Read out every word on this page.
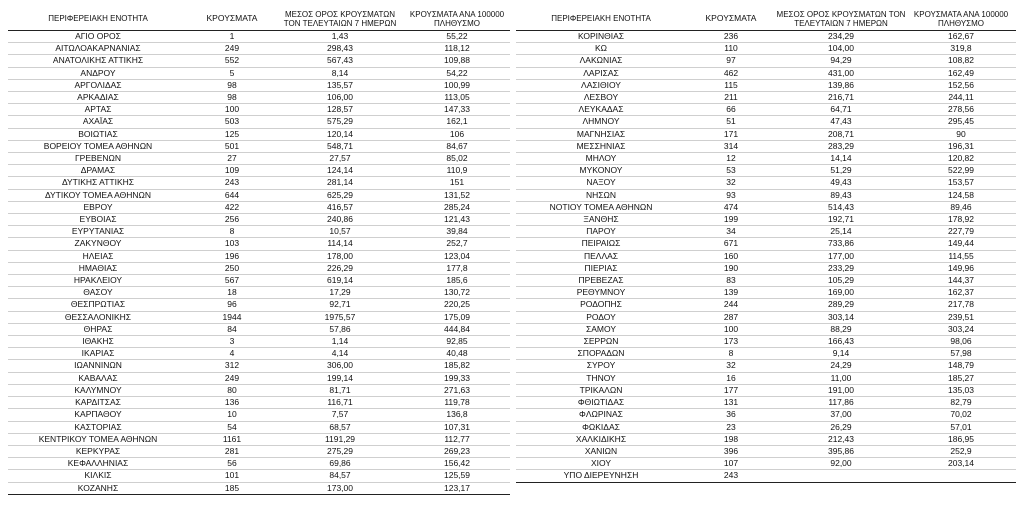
ΠΕΡΙΦΕΡΕΙΑΚΗ ΕΝΟΤΗΤΑ	ΚΡΟΥΣΜΑΤΑ	ΜΕΣΟΣ ΟΡΟΣ ΚΡΟΥΣΜΑΤΩΝ ΤΟΝ ΤΕΛΕΥΤΑΙΩΝ 7 ΗΜΕΡΩΝ	ΚΡΟΥΣΜΑΤΑ ΑΝΑ 100000 ΠΛΗΘΥΣΜΟ
ΑΓΙΟ ΟΡΟΣ	1	1,43	55,22
ΑΙΤΩΛΟΑΚΑΡΝΑΝΙΑΣ	249	298,43	118,12
ΑΝΑΤΟΛΙΚΗΣ ΑΤΤΙΚΗΣ	552	567,43	109,88
ΑΝΔΡΟΥ	5	8,14	54,22
ΑΡΓΟΛΙΔΑΣ	98	135,57	100,99
ΑΡΚΑΔΙΑΣ	98	106,00	113,05
ΑΡΤΑΣ	100	128,57	147,33
ΑΧΑΪΑΣ	503	575,29	162,1
ΒΟΙΩΤΙΑΣ	125	120,14	106
ΒΟΡΕΙΟΥ ΤΟΜΕΑ ΑΘΗΝΩΝ	501	548,71	84,67
ΓΡΕΒΕΝΩΝ	27	27,57	85,02
ΔΡΑΜΑΣ	109	124,14	110,9
ΔΥΤΙΚΗΣ ΑΤΤΙΚΗΣ	243	281,14	151
ΔΥΤΙΚΟΥ ΤΟΜΕΑ ΑΘΗΝΩΝ	644	625,29	131,52
ΕΒΡΟΥ	422	416,57	285,24
ΕΥΒΟΙΑΣ	256	240,86	121,43
ΕΥΡΥΤΑΝΙΑΣ	8	10,57	39,84
ΖΑΚΥΝΘΟΥ	103	114,14	252,7
ΗΛΕΙΑΣ	196	178,00	123,04
ΗΜΑΘΙΑΣ	250	226,29	177,8
ΗΡΑΚΛΕΙΟΥ	567	619,14	185,6
ΘΑΣΟΥ	18	17,29	130,72
ΘΕΣΠΡΩΤΙΑΣ	96	92,71	220,25
ΘΕΣΣΑΛΟΝΙΚΗΣ	1944	1975,57	175,09
ΘΗΡΑΣ	84	57,86	444,84
ΙΘΑΚΗΣ	3	1,14	92,85
ΙΚΑΡΙΑΣ	4	4,14	40,48
ΙΩΑΝΝΙΝΩΝ	312	306,00	185,82
ΚΑΒΑΛΑΣ	249	199,14	199,33
ΚΑΛΥΜΝΟΥ	80	81,71	271,63
ΚΑΡΔΙΤΣΑΣ	136	116,71	119,78
ΚΑΡΠΑΘΟΥ	10	7,57	136,8
ΚΑΣΤΟΡΙΑΣ	54	68,57	107,31
ΚΕΝΤΡΙΚΟΥ ΤΟΜΕΑ ΑΘΗΝΩΝ	1161	1191,29	112,77
ΚΕΡΚΥΡΑΣ	281	275,29	269,23
ΚΕΦΑΛΛΗΝΙΑΣ	56	69,86	156,42
ΚΙΛΚΙΣ	101	84,57	125,59
ΚΟΖΑΝΗΣ	185	173,00	123,17
ΠΕΡΙΦΕΡΕΙΑΚΗ ΕΝΟΤΗΤΑ	ΚΡΟΥΣΜΑΤΑ	ΜΕΣΟΣ ΟΡΟΣ ΚΡΟΥΣΜΑΤΩΝ ΤΟΝ ΤΕΛΕΥΤΑΙΩΝ 7 ΗΜΕΡΩΝ	ΚΡΟΥΣΜΑΤΑ ΑΝΑ 100000 ΠΛΗΘΥΣΜΟ
ΚΟΡΙΝΘΙΑΣ	236	234,29	162,67
ΚΩ	110	104,00	319,8
ΛΑΚΩΝΙΑΣ	97	94,29	108,82
ΛΑΡΙΣΑΣ	462	431,00	162,49
ΛΑΣΙΘΙΟΥ	115	139,86	152,56
ΛΕΣΒΟΥ	211	216,71	244,11
ΛΕΥΚΑΔΑΣ	66	64,71	278,56
ΛΗΜΝΟΥ	51	47,43	295,45
ΜΑΓΝΗΣΙΑΣ	171	208,71	90
ΜΕΣΣΗΝΙΑΣ	314	283,29	196,31
ΜΗΛΟΥ	12	14,14	120,82
ΜΥΚΟΝΟΥ	53	51,29	522,99
ΝΑΞΟΥ	32	49,43	153,57
ΝΗΣΩΝ	93	89,43	124,58
ΝΟΤΙΟΥ ΤΟΜΕΑ ΑΘΗΝΩΝ	474	514,43	89,46
ΞΑΝΘΗΣ	199	192,71	178,92
ΠΑΡΟΥ	34	25,14	227,79
ΠΕΙΡΑΙΩΣ	671	733,86	149,44
ΠΕΛΛΑΣ	160	177,00	114,55
ΠΙΕΡΙΑΣ	190	233,29	149,96
ΠΡΕΒΕΖΑΣ	83	105,29	144,37
ΡΕΘΥΜΝΟΥ	139	169,00	162,37
ΡΟΔΟΠΗΣ	244	289,29	217,78
ΡΟΔΟΥ	287	303,14	239,51
ΣΑΜΟΥ	100	88,29	303,24
ΣΕΡΡΩΝ	173	166,43	98,06
ΣΠΟΡΑΔΩΝ	8	9,14	57,98
ΣΥΡΟΥ	32	24,29	148,79
ΤΗΝΟΥ	16	11,00	185,27
ΤΡΙΚΑΛΩΝ	177	191,00	135,03
ΦΘΙΩΤΙΔΑΣ	131	117,86	82,79
ΦΛΩΡΙΝΑΣ	36	37,00	70,02
ΦΩΚΙΔΑΣ	23	26,29	57,01
ΧΑΛΚΙΔΙΚΗΣ	198	212,43	186,95
ΧΑΝΙΩΝ	396	395,86	252,9
ΧΙΟΥ	107	92,00	203,14
ΥΠΟ ΔΙΕΡΕΥΝΗΣΗ	243		
